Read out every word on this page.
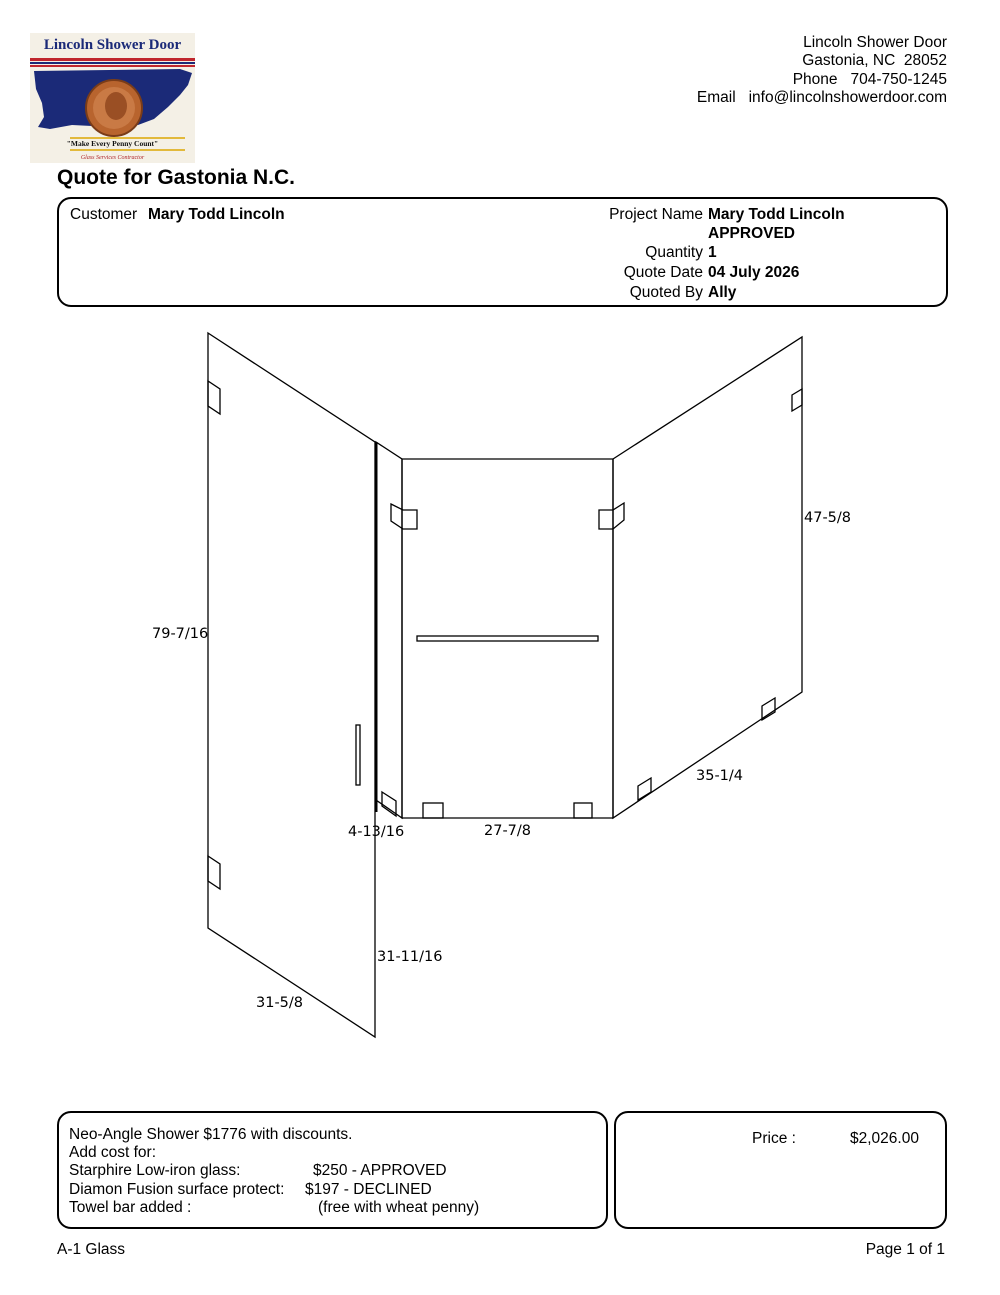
Lincoln Shower Door
"Make Every Penny Count"
Glass Services Contractor
Lincoln Shower Door
Gastonia, NC  28052
Phone   704-750-1245
Email   info@lincolnshowerdoor.com
Quote for Gastonia N.C.
Customer Mary Todd Lincoln	Project Name Mary Todd Lincoln
APPROVED
Quantity 1
Quote Date 04 July 2026
Quoted By Ally
79-7/16
47-5/8
35-1/4
27-7/8
4-13/16
31-11/16
31-5/8
Neo-Angle Shower $1776 with discounts.
Add cost for:
Starphire Low-iron glass:	$250 - APPROVED
Diamon Fusion surface protect: $197 - DECLINED
Towel bar added :	(free with wheat penny)
Price :	$2,026.00
A-1 Glass	Page 1 of 1
